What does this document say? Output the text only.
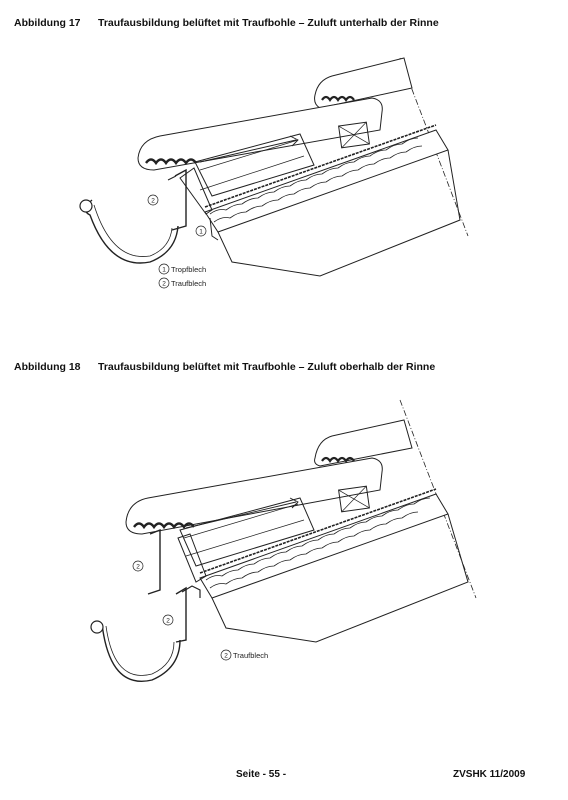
Abbildung 17 Traufausbildung belüftet mit Traufbohle – Zuluft unterhalb der Rinne
2
1
1 Tropfblech
2 Traufblech
Abbildung 18 Traufausbildung belüftet mit Traufbohle – Zuluft oberhalb der Rinne
2
2
2 Traufblech
Seite - 55 -	ZVSHK 11/2009
